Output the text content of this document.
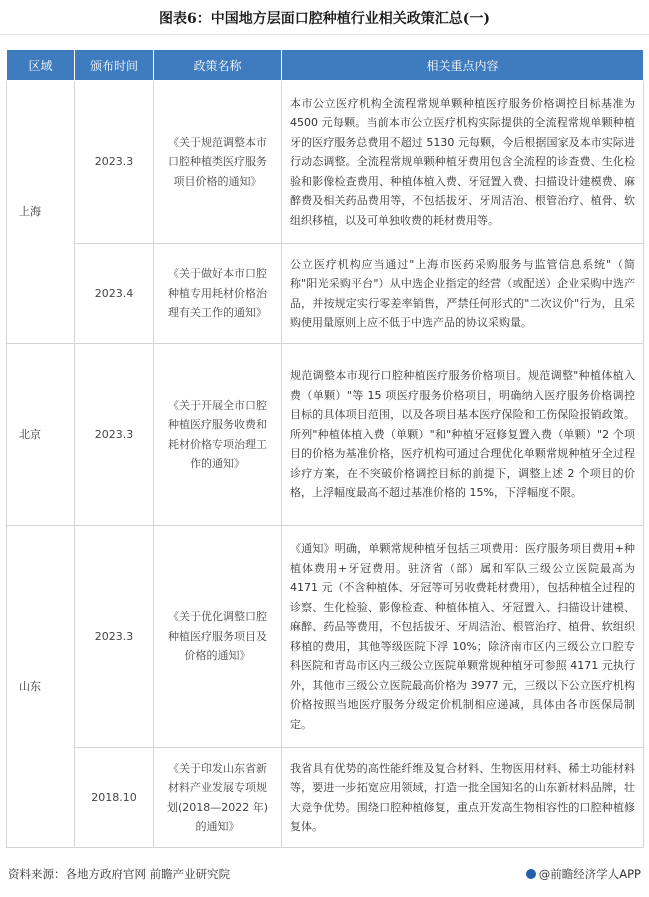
图表6：中国地方层面口腔种植行业相关政策汇总(一)
区域	颁布时间	政策名称	相关重点内容
上海	2023.3	《关于规范调整本市口腔种植类医疗服务项目价格的通知》	本市公立医疗机构全流程常规单颗种植医疗服务价格调控目标基准为 4500 元每颗。当前本市公立医疗机构实际提供的全流程常规单颗种植牙的医疗服务总费用不超过 5130 元每颗，今后根据国家及本市实际进行动态调整。全流程常规单颗种植牙费用包含全流程的诊查费、生化检验和影像检查费用、种植体植入费、牙冠置入费、扫描设计建模费、麻醉费及相关药品费用等，不包括拔牙、牙周洁治、根管治疗、植骨、软组织移植，以及可单独收费的耗材费用等。
	2023.4	《关于做好本市口腔种植专用耗材价格治理有关工作的通知》	公立医疗机构应当通过"上海市医药采购服务与监管信息系统"（简称"阳光采购平台"）从中选企业指定的经营（或配送）企业采购中选产品，并按规定实行零差率销售，严禁任何形式的"二次议价"行为，且采购使用量原则上应不低于中选产品的协议采购量。
北京	2023.3	《关于开展全市口腔种植医疗服务收费和耗材价格专项治理工作的通知》	规范调整本市现行口腔种植医疗服务价格项目。规范调整"种植体植入费（单颗）"等 15 项医疗服务价格项目，明确纳入医疗服务价格调控目标的具体项目范围，以及各项目基本医疗保险和工伤保险报销政策。所列"种植体植入费（单颗）"和"种植牙冠修复置入费（单颗）"2 个项目的价格为基准价格，医疗机构可通过合理优化单颗常规种植牙全过程诊疗方案，在不突破价格调控目标的前提下，调整上述 2 个项目的价格，上浮幅度最高不超过基准价格的 15%，下浮幅度不限。
山东	2023.3	《关于优化调整口腔种植医疗服务项目及价格的通知》	《通知》明确，单颗常规种植牙包括三项费用：医疗服务项目费用+种植体费用+牙冠费用。驻济省（部）属和军队三级公立医院最高为 4171 元（不含种植体、牙冠等可另收费耗材费用），包括种植全过程的诊察、生化检验、影像检查、种植体植入、牙冠置入、扫描设计建模、麻醉、药品等费用，不包括拔牙、牙周洁治、根管治疗、植骨、软组织移植的费用，其他等级医院下浮 10%；除济南市区内三级公立口腔专科医院和青岛市区内三级公立医院单颗常规种植牙可参照 4171 元执行外，其他市三级公立医院最高价格为 3977 元，三级以下公立医疗机构价格按照当地医疗服务分级定价机制相应递减，具体由各市医保局制定。
	2018.10	《关于印发山东省新材料产业发展专项规划(2018—2022 年)的通知》	我省具有优势的高性能纤维及复合材料、生物医用材料、稀土功能材料等，要进一步拓宽应用领域，打造一批全国知名的山东新材料品牌，壮大竞争优势。围绕口腔种植修复，重点开发高生物相容性的口腔种植修复体。
资料来源：各地方政府官网 前瞻产业研究院	@前瞻经济学人APP
